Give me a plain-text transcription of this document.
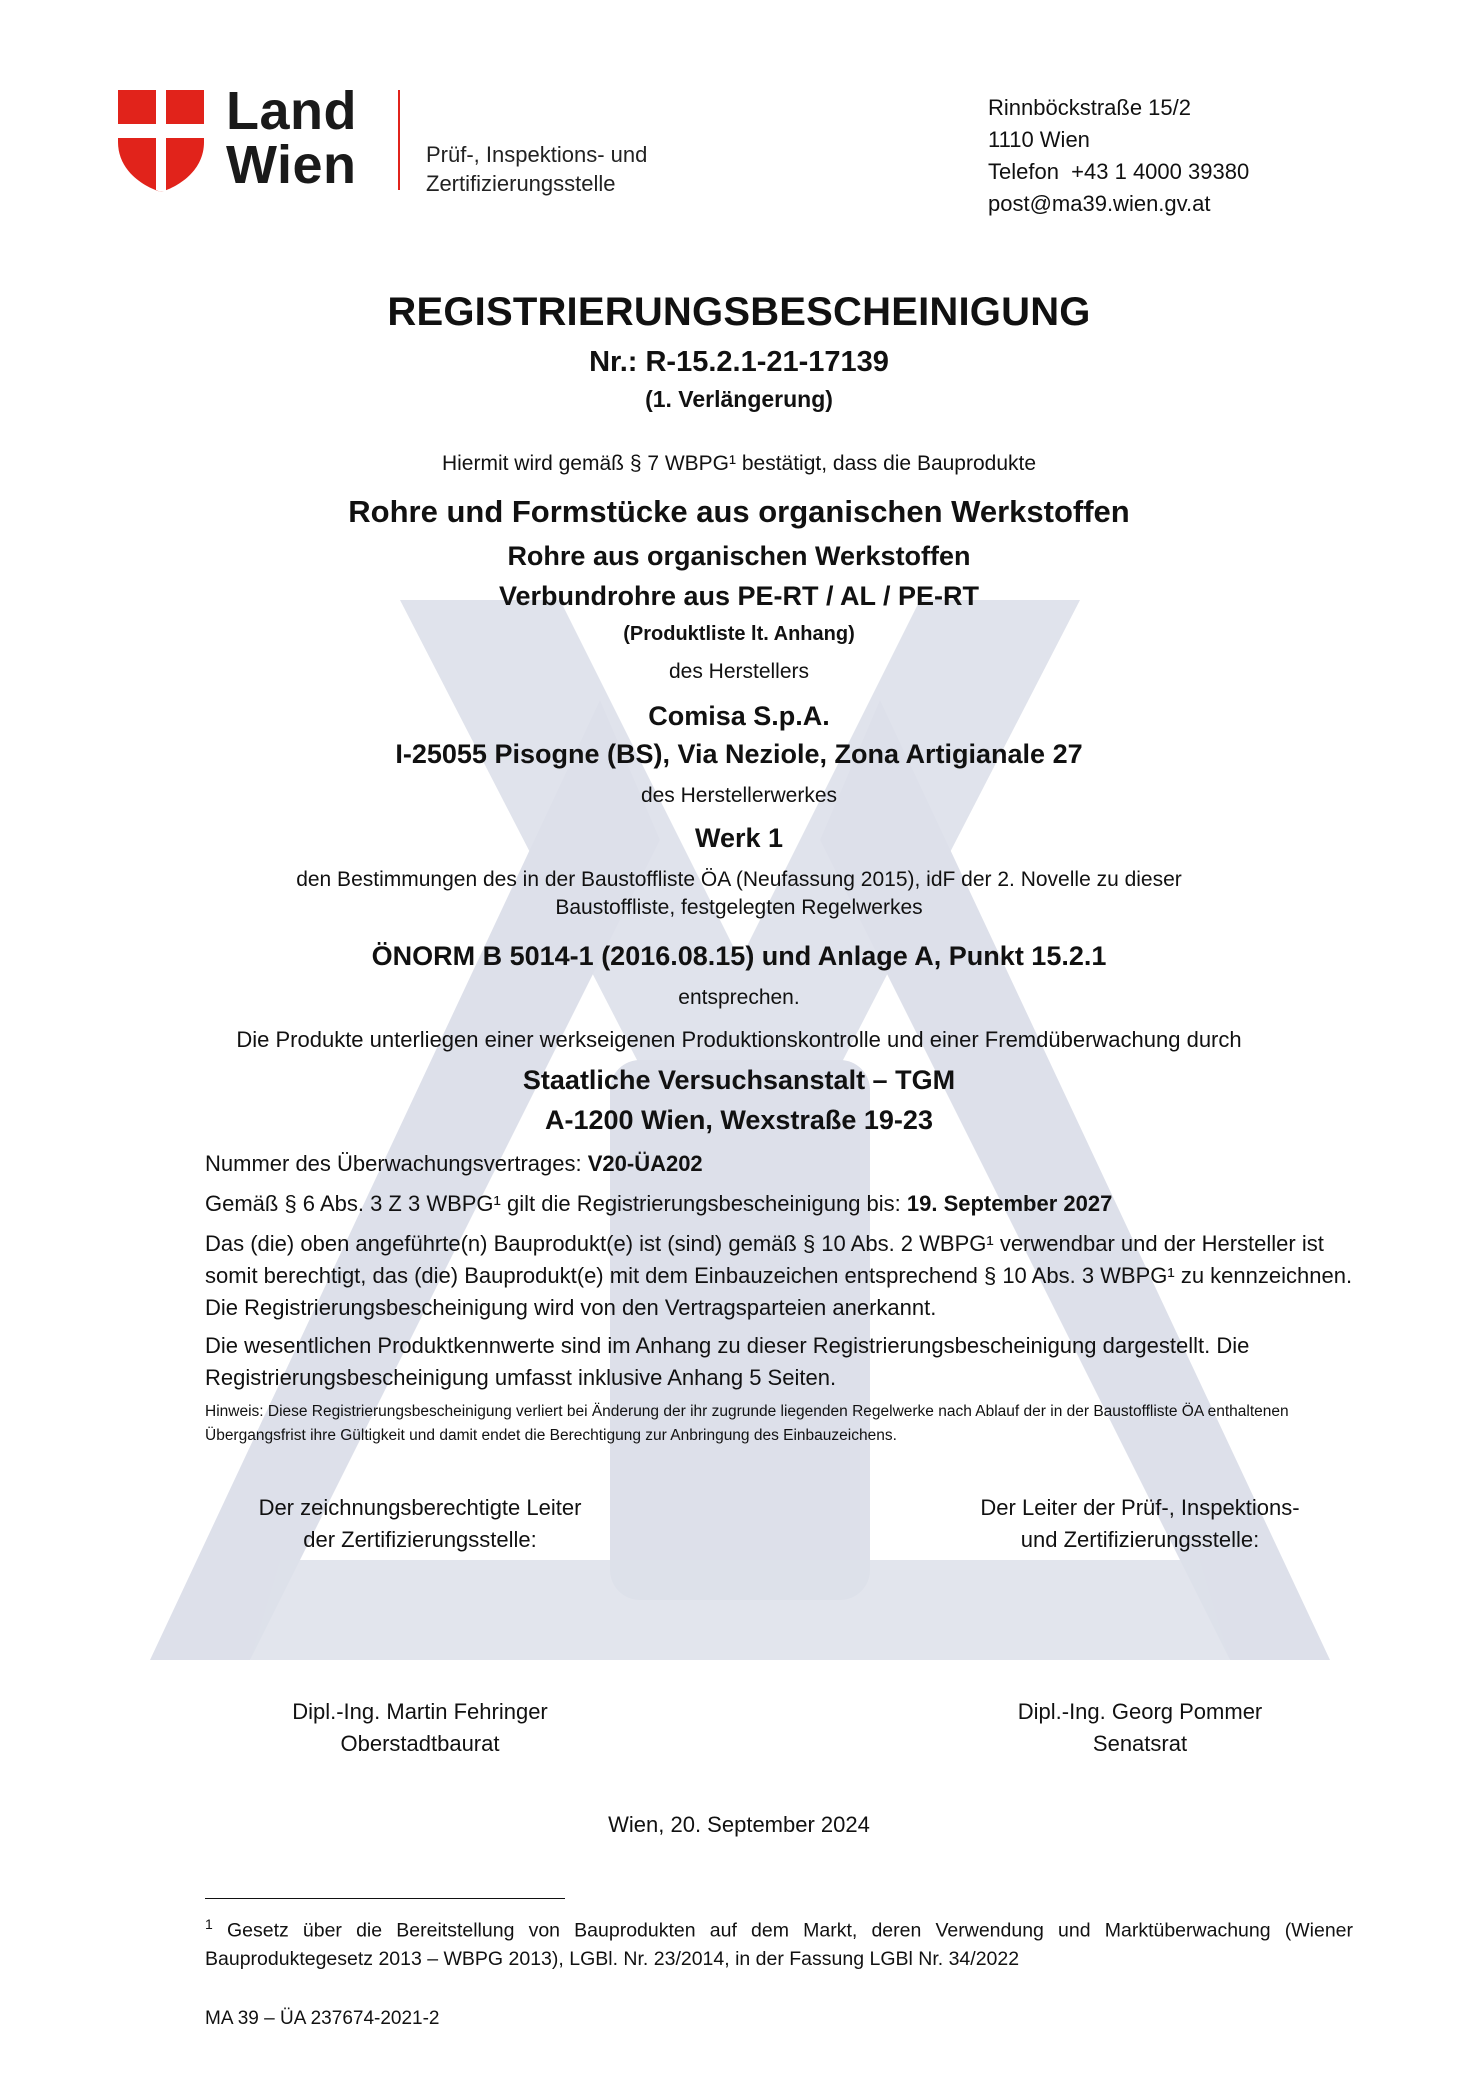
Land
Wien	Prüf-, Inspektions- und
Zertifizierungsstelle
Rinnböckstraße 15/2
1110 Wien
Telefon  +43 1 4000 39380
post@ma39.wien.gv.at
REGISTRIERUNGSBESCHEINIGUNG
Nr.: R-15.2.1-21-17139
(1. Verlängerung)
Hiermit wird gemäß § 7 WBPG¹ bestätigt, dass die Bauprodukte
Rohre und Formstücke aus organischen Werkstoffen
Rohre aus organischen Werkstoffen
Verbundrohre aus PE-RT / AL / PE-RT
(Produktliste lt. Anhang)
des Herstellers
Comisa S.p.A.
I-25055 Pisogne (BS), Via Neziole, Zona Artigianale 27
des Herstellerwerkes
Werk 1
den Bestimmungen des in der Baustoffliste ÖA (Neufassung 2015), idF der 2. Novelle zu dieser Baustoffliste, festgelegten Regelwerkes
ÖNORM B 5014-1 (2016.08.15) und Anlage A, Punkt 15.2.1
entsprechen.
Die Produkte unterliegen einer werkseigenen Produktionskontrolle und einer Fremdüberwachung durch
Staatliche Versuchsanstalt – TGM
A-1200 Wien, Wexstraße 19-23
Nummer des Überwachungsvertrages: V20-ÜA202
Gemäß § 6 Abs. 3 Z 3 WBPG¹ gilt die Registrierungsbescheinigung bis: 19. September 2027
Das (die) oben angeführte(n) Bauprodukt(e) ist (sind) gemäß § 10 Abs. 2 WBPG¹ verwendbar und der Hersteller ist somit berechtigt, das (die) Bauprodukt(e) mit dem Einbauzeichen entsprechend § 10 Abs. 3 WBPG¹ zu kennzeichnen. Die Registrierungsbescheinigung wird von den Vertragsparteien anerkannt.
Die wesentlichen Produktkennwerte sind im Anhang zu dieser Registrierungsbescheinigung dargestellt. Die Registrierungsbescheinigung umfasst inklusive Anhang 5 Seiten.
Hinweis: Diese Registrierungsbescheinigung verliert bei Änderung der ihr zugrunde liegenden Regelwerke nach Ablauf der in der Baustoffliste ÖA enthaltenen Übergangsfrist ihre Gültigkeit und damit endet die Berechtigung zur Anbringung des Einbauzeichens.
Der zeichnungsberechtigte Leiter
der Zertifizierungsstelle:
Der Leiter der Prüf-, Inspektions-
und Zertifizierungsstelle:
Dipl.-Ing. Martin Fehringer
Oberstadtbaurat
Dipl.-Ing. Georg Pommer
Senatsrat
Wien, 20. September 2024
$^1$ Gesetz über die Bereitstellung von Bauprodukten auf dem Markt, deren Verwendung und Marktüberwachung (Wiener Bauproduktegesetz 2013 – WBPG 2013), LGBl. Nr. 23/2014, in der Fassung LGBl Nr. 34/2022
MA 39 – ÜA 237674-2021-2
